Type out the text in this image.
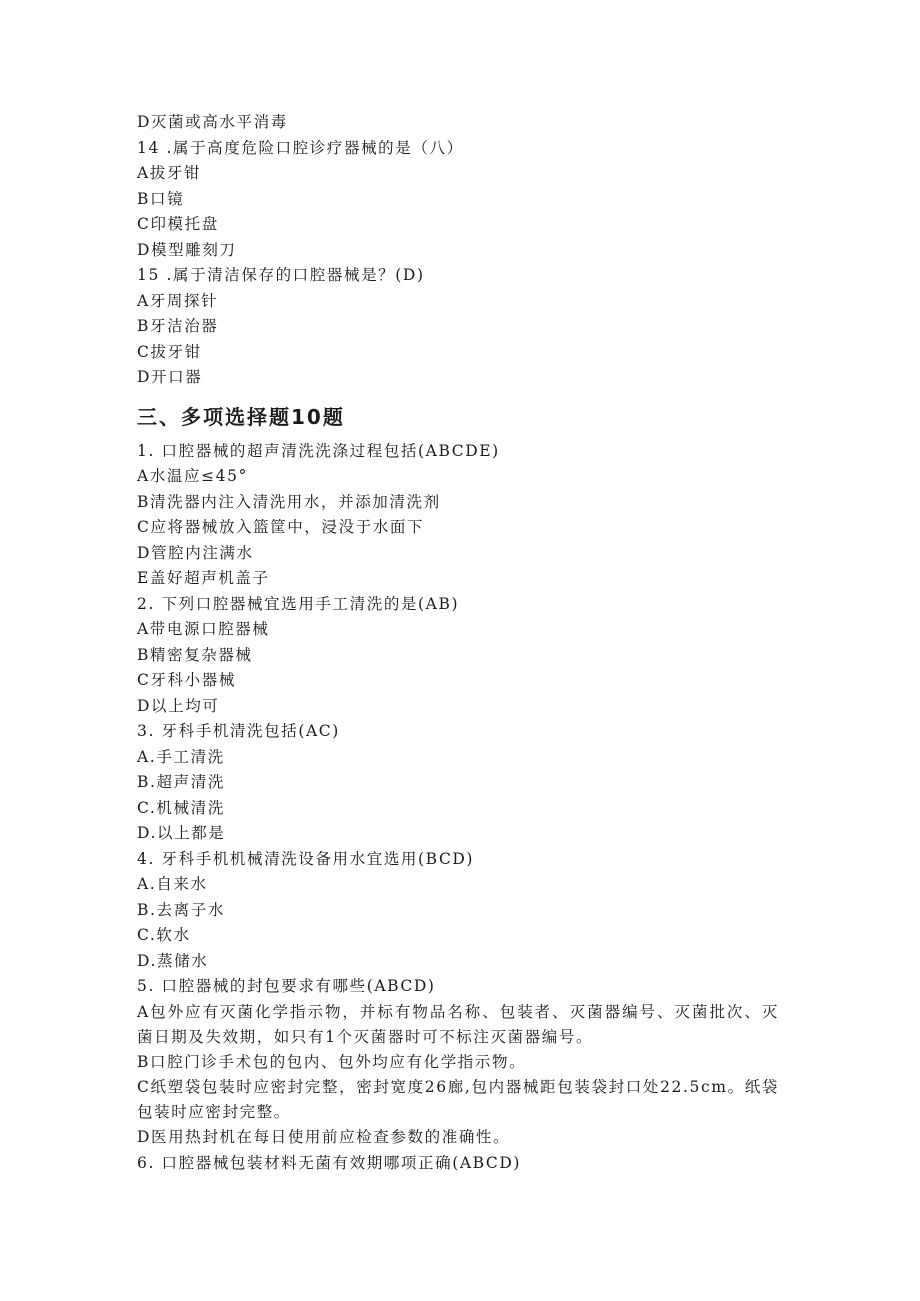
D灭菌或高水平消毒
14 .属于高度危险口腔诊疗器械的是（八）
A拔牙钳
B口镜
C印模托盘
D模型雕刻刀
15 .属于清洁保存的口腔器械是？(D)
A牙周探针
B牙洁治器
C拔牙钳
D开口器
三、多项选择题10题
1. 口腔器械的超声清洗洗涤过程包括(ABCDE)
A水温应≤45°
B清洗器内注入清洗用水，并添加清洗剂
C应将器械放入篮筐中，浸没于水面下
D管腔内注满水
E盖好超声机盖子
2. 下列口腔器械宜选用手工清洗的是(AB)
A带电源口腔器械
B精密复杂器械
C牙科小器械
D以上均可
3. 牙科手机清洗包括(AC)
A.手工清洗
B.超声清洗
C.机械清洗
D.以上都是
4. 牙科手机机械清洗设备用水宜选用(BCD)
A.自来水
B.去离子水
C.软水
D.蒸储水
5. 口腔器械的封包要求有哪些(ABCD)
A包外应有灭菌化学指示物，并标有物品名称、包装者、灭菌器编号、灭菌批次、灭菌日期及失效期，如只有1个灭菌器时可不标注灭菌器编号。
B口腔门诊手术包的包内、包外均应有化学指示物。
C纸塑袋包装时应密封完整，密封宽度26廊,包内器械距包装袋封口处22.5cm。纸袋包装时应密封完整。
D医用热封机在每日使用前应检查参数的准确性。
6. 口腔器械包装材料无菌有效期哪项正确(ABCD)
